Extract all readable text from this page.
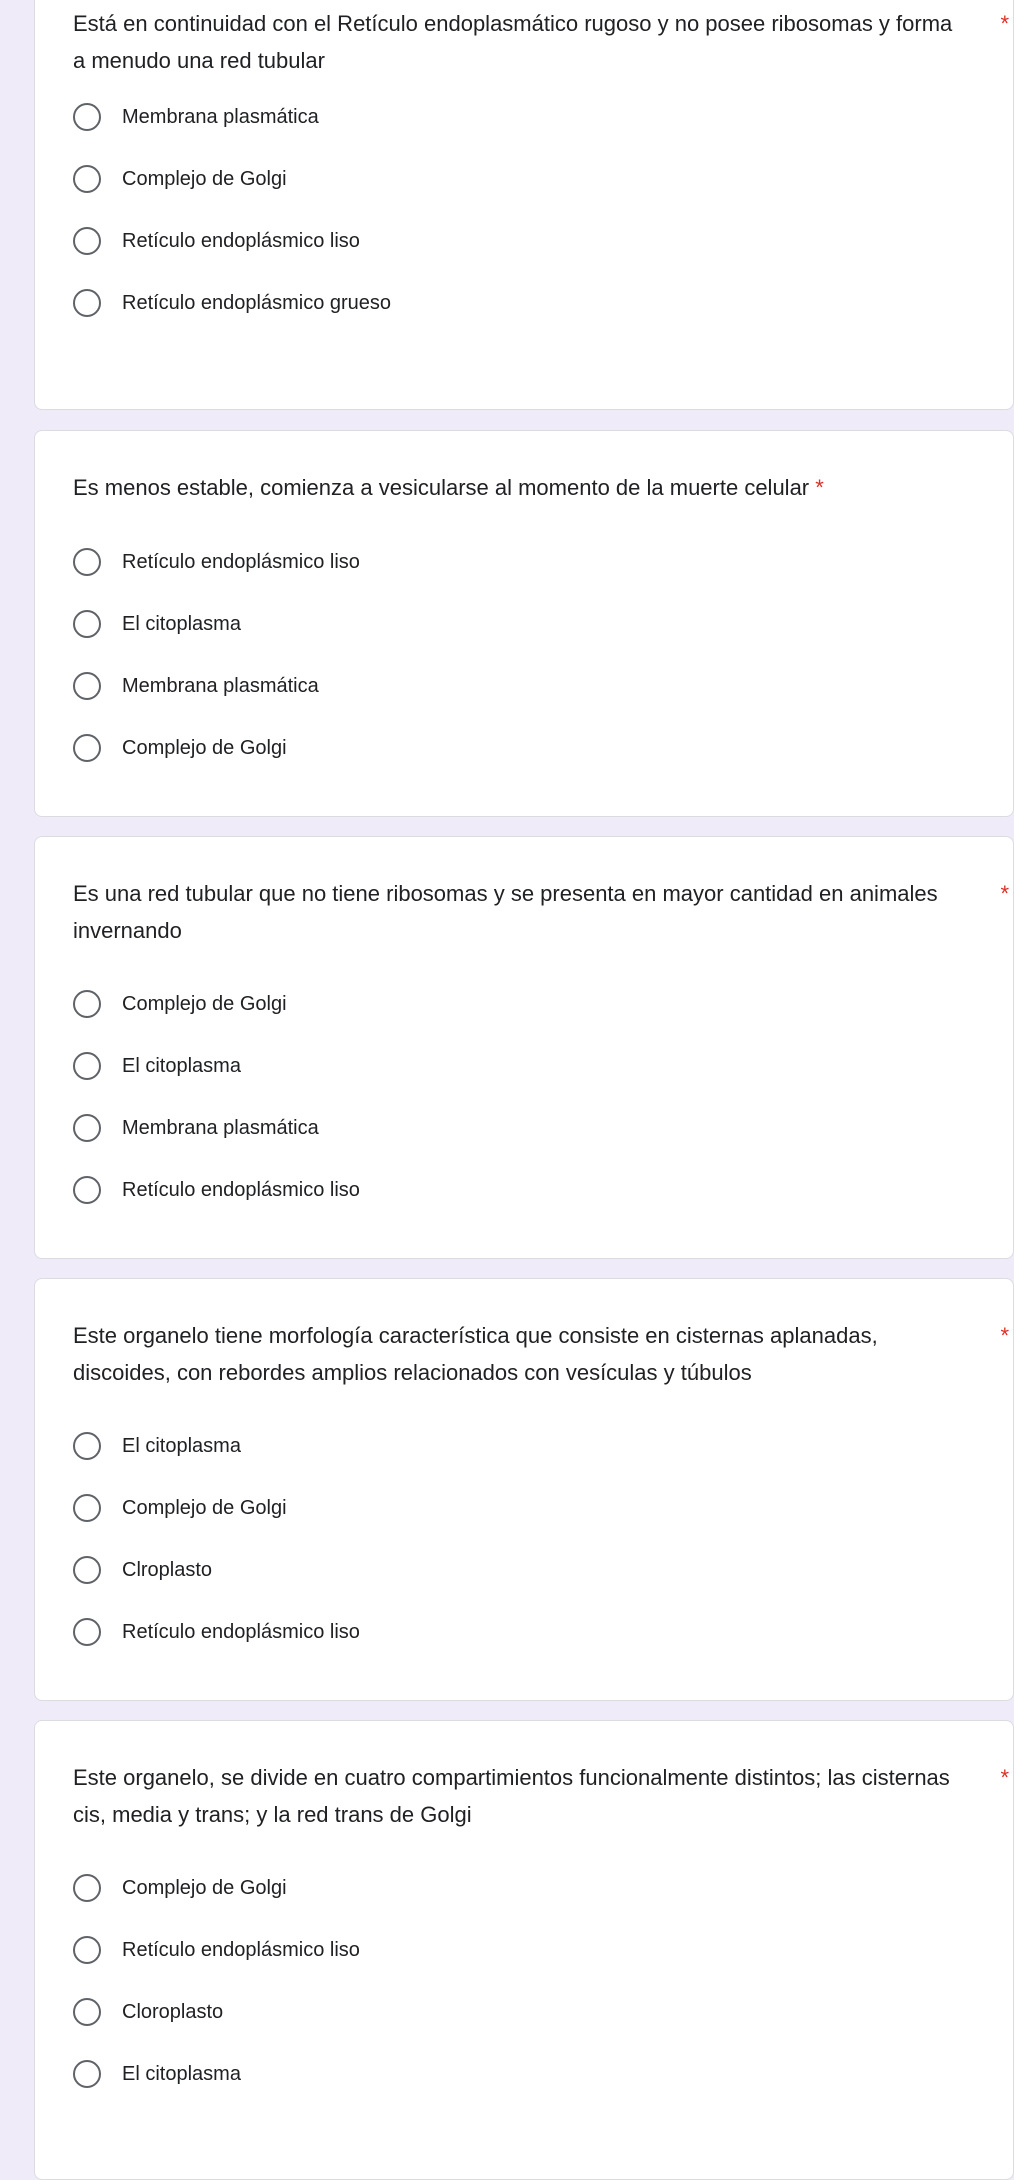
Está en continuidad con el Retículo endoplasmático rugoso y no posee ribosomas y forma a menudo una red tubular
*
Membrana plasmática
Complejo de Golgi
Retículo endoplásmico liso
Retículo endoplásmico grueso
Es menos estable, comienza a vesicularse al momento de la muerte celular *
Retículo endoplásmico liso
El citoplasma
Membrana plasmática
Complejo de Golgi
Es una red tubular que no tiene ribosomas y se presenta en mayor cantidad en animales invernando
*
Complejo de Golgi
El citoplasma
Membrana plasmática
Retículo endoplásmico liso
Este organelo tiene morfología característica que consiste en cisternas aplanadas, discoides, con rebordes amplios relacionados con vesículas y túbulos
*
El citoplasma
Complejo de Golgi
Clroplasto
Retículo endoplásmico liso
Este organelo, se divide en cuatro compartimientos funcionalmente distintos; las cisternas cis, media y trans; y la red trans de Golgi
*
Complejo de Golgi
Retículo endoplásmico liso
Cloroplasto
El citoplasma
